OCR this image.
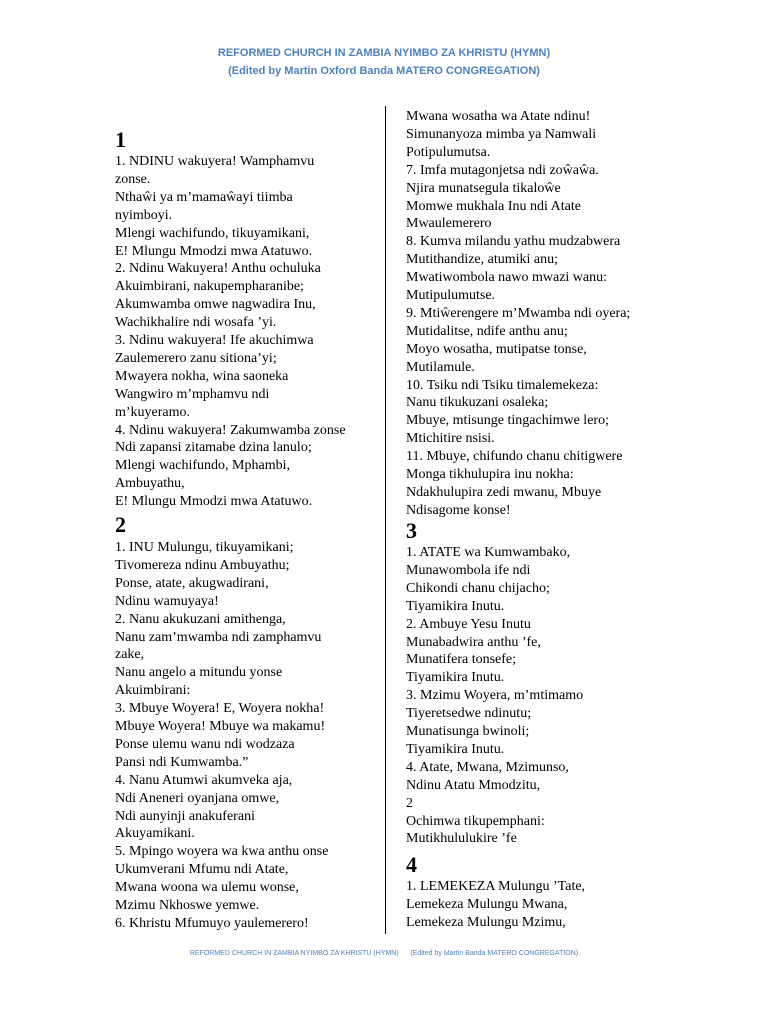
REFORMED CHURCH IN ZAMBIA NYIMBO ZA KHRISTU (HYMN)
(Edited by Martin Oxford Banda MATERO CONGREGATION)
1
1. NDINU wakuyera! Wamphamvu
zonse.
Nthaŵi ya m’mamaŵayi tiimba
nyimboyi.
Mlengi wachifundo, tikuyamikani,
E! Mlungu Mmodzi mwa Atatuwo.
2. Ndinu Wakuyera! Anthu ochuluka
Akuimbirani, nakupempharanibe;
Akumwamba omwe nagwadira Inu,
Wachikhalire ndi wosafa ’yi.
3. Ndinu wakuyera! Ife akuchimwa
Zaulemerero zanu sitiona’yi;
Mwayera nokha, wina saoneka
Wangwiro m’mphamvu ndi
m’kuyeramo.
4. Ndinu wakuyera! Zakumwamba zonse
Ndi zapansi zitamabe dzina lanulo;
Mlengi wachifundo, Mphambi,
Ambuyathu,
E! Mlungu Mmodzi mwa Atatuwo.
2
1. INU Mulungu, tikuyamikani;
Tivomereza ndinu Ambuyathu;
Ponse, atate, akugwadirani,
Ndinu wamuyaya!
2. Nanu akukuzani amithenga,
Nanu zam’mwamba ndi zamphamvu
zake,
Nanu angelo a mitundu yonse
Akuimbirani:
3. Mbuye Woyera! E, Woyera nokha!
Mbuye Woyera! Mbuye wa makamu!
Ponse ulemu wanu ndi wodzaza
Pansi ndi Kumwamba.”
4. Nanu Atumwi akumveka aja,
Ndi Aneneri oyanjana omwe,
Ndi aunyinji anakuferani
Akuyamikani.
5. Mpingo woyera wa kwa anthu onse
Ukumverani Mfumu ndi Atate,
Mwana woona wa ulemu wonse,
Mzimu Nkhoswe yemwe.
6. Khristu Mfumuyo yaulemerero!
Mwana wosatha wa Atate ndinu!
Simunanyoza mimba ya Namwali
Potipulumutsa.
7. Imfa mutagonjetsa ndi zoŵaŵa.
Njira munatsegula tikaloŵe
Momwe mukhala Inu ndi Atate
Mwaulemerero
8. Kumva milandu yathu mudzabwera
Mutithandize, atumiki anu;
Mwatiwombola nawo mwazi wanu:
Mutipulumutse.
9. Mtiŵerengere m’Mwamba ndi oyera;
Mutidalitse, ndife anthu anu;
Moyo wosatha, mutipatse tonse,
Mutilamule.
10. Tsiku ndi Tsiku timalemekeza:
Nanu tikukuzani osaleka;
Mbuye, mtisunge tingachimwe lero;
Mtichitire nsisi.
11. Mbuye, chifundo chanu chitigwere
Monga tikhulupira inu nokha:
Ndakhulupira zedi mwanu, Mbuye
Ndisagome konse!
3
1. ATATE wa Kumwambako,
Munawombola ife ndi
Chikondi chanu chijacho;
Tiyamikira Inutu.
2. Ambuye Yesu Inutu
Munabadwira anthu ’fe,
Munatifera tonsefe;
Tiyamikira Inutu.
3. Mzimu Woyera, m’mtimamo
Tiyeretsedwe ndinutu;
Munatisunga bwinoli;
Tiyamikira Inutu.
4. Atate, Mwana, Mzimunso,
Ndinu Atatu Mmodzitu,
2
Ochimwa tikupemphani:
Mutikhululukire ’fe
4
1. LEMEKEZA Mulungu ’Tate,
Lemekeza Mulungu Mwana,
Lemekeza Mulungu Mzimu,
REFORMED CHURCH IN ZAMBIA NYIMBO ZA KHRISTU (HYMN)      (Edited by Martin Banda MATERO CONGREGATION)
